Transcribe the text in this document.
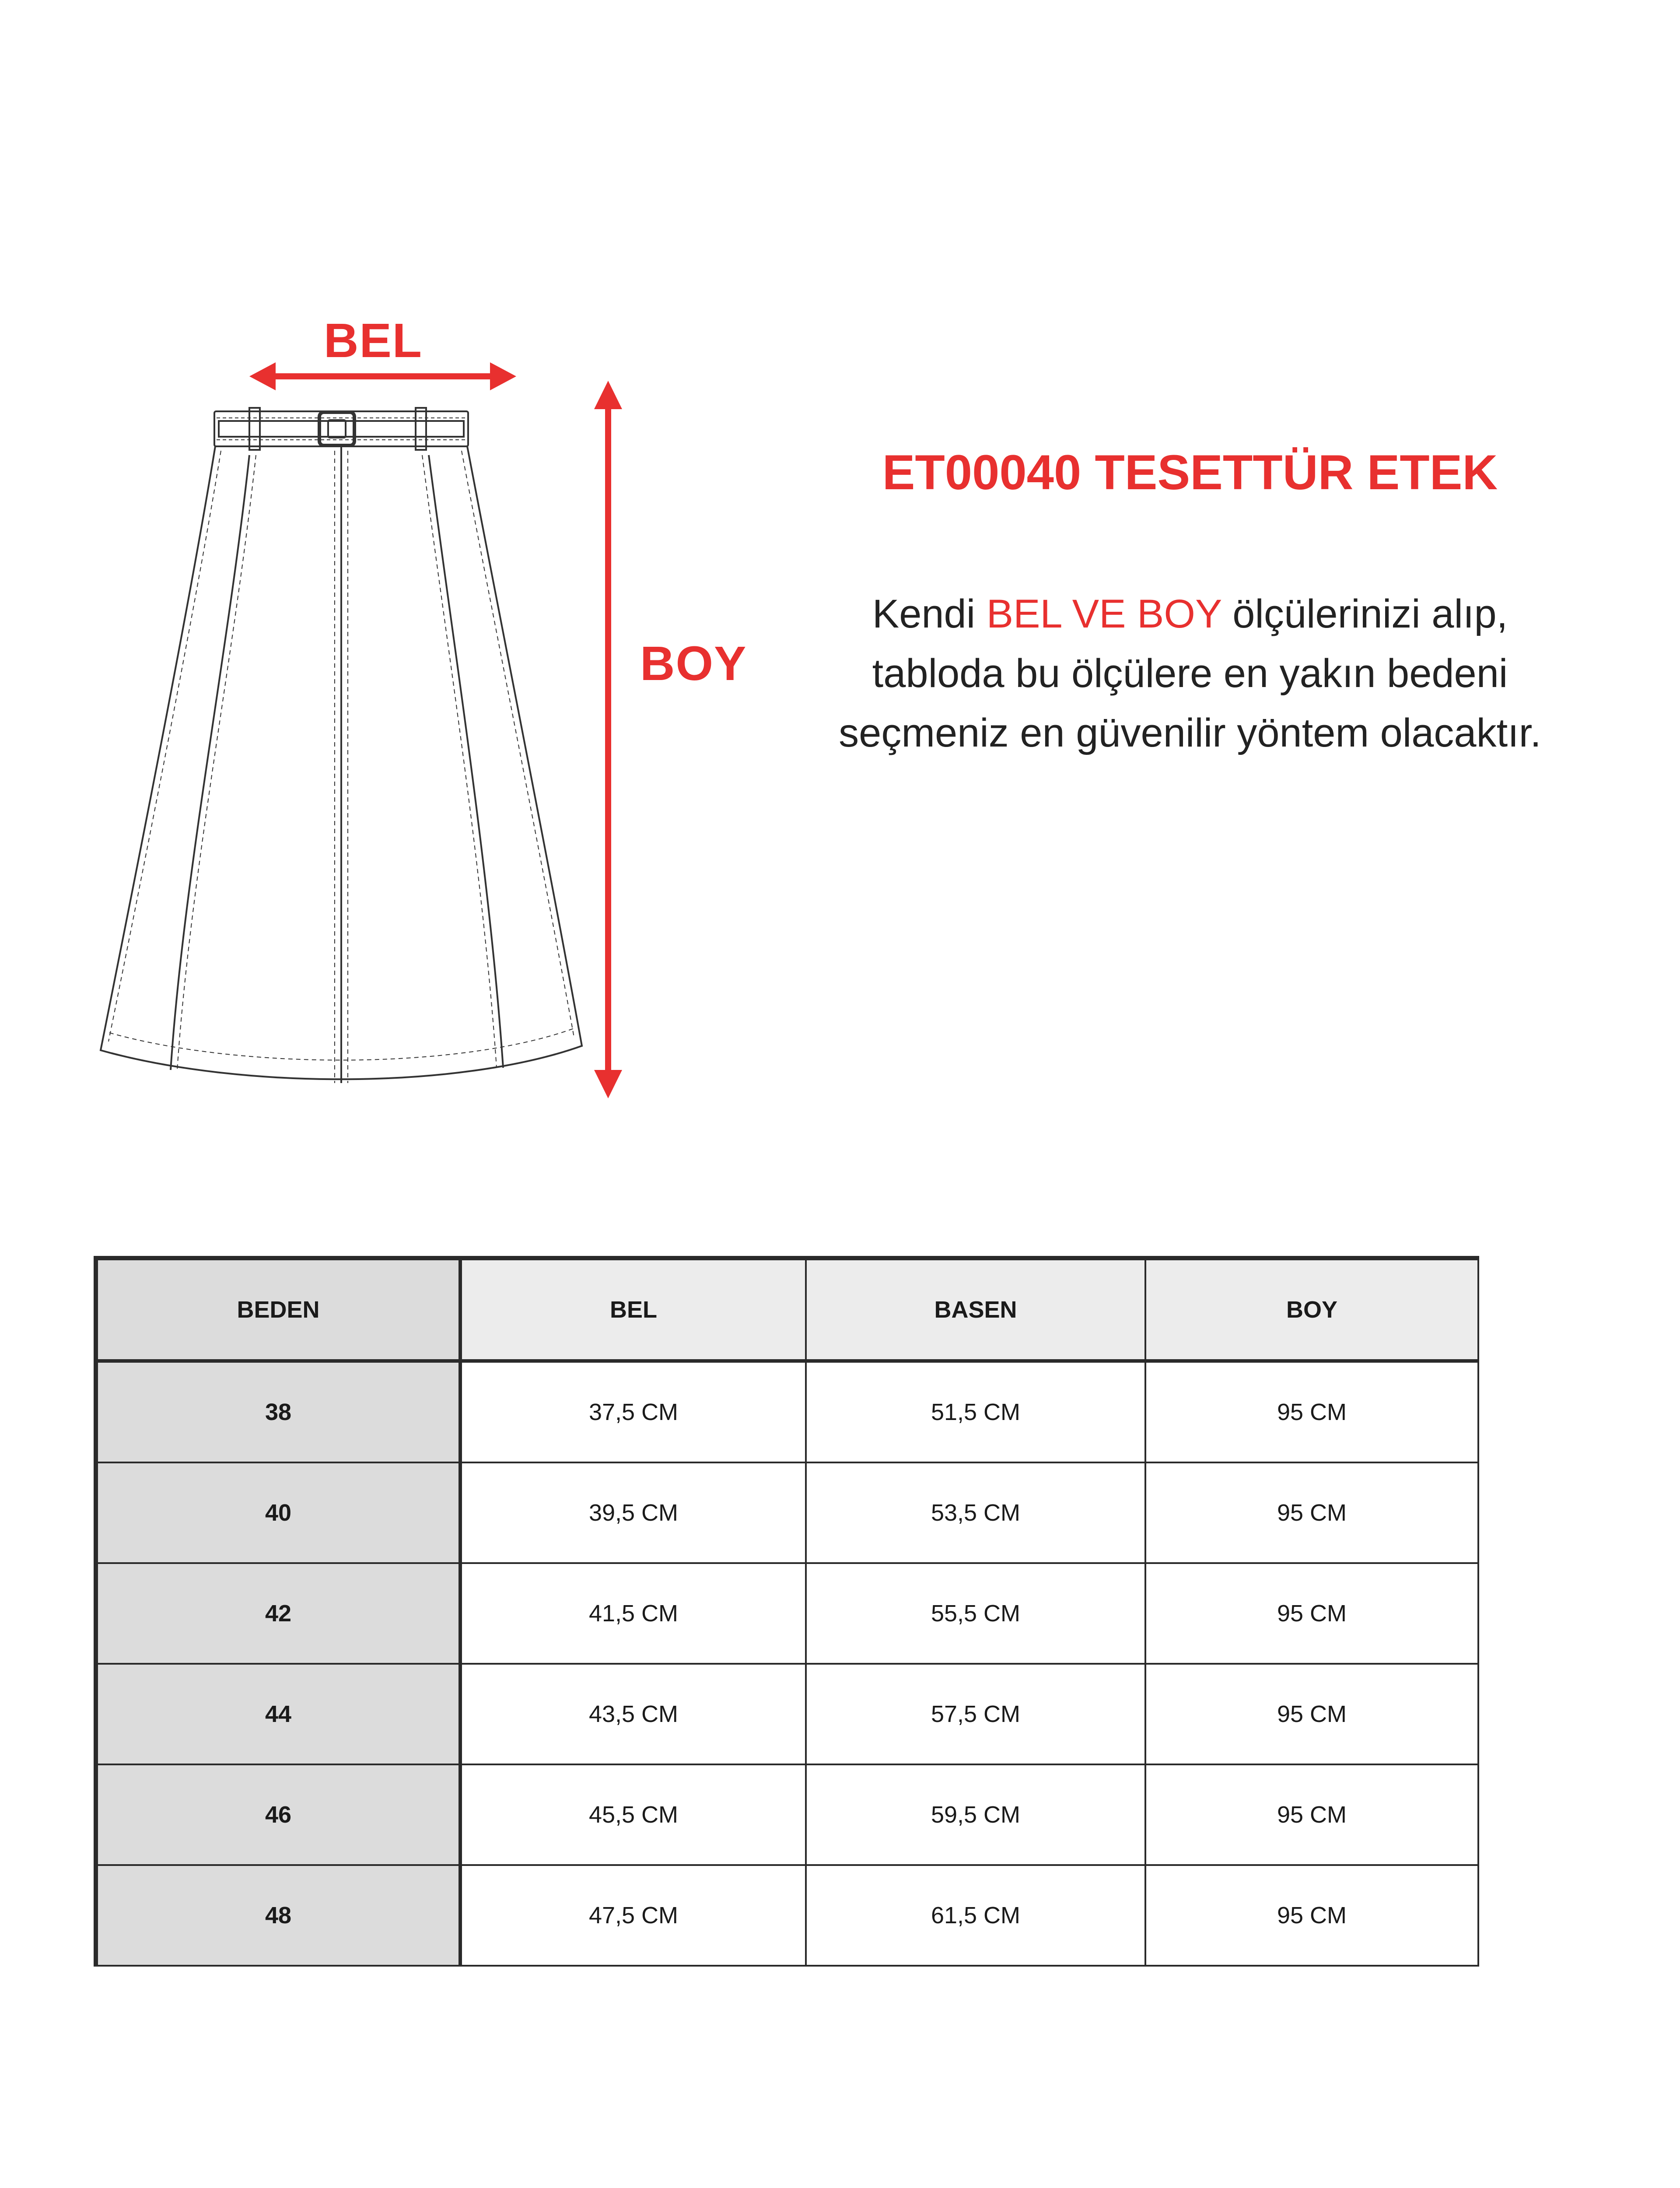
BEL
BOY
ET00040 TESETTÜR ETEK
Kendi BEL VE BOY ölçülerinizi alıp, tabloda bu ölçülere en yakın bedeni seçmeniz en güvenilir yöntem olacaktır.
BEDEN	BEL	BASEN	BOY
38	37,5 CM	51,5 CM	95 CM
40	39,5 CM	53,5 CM	95 CM
42	41,5 CM	55,5 CM	95 CM
44	43,5 CM	57,5 CM	95 CM
46	45,5 CM	59,5 CM	95 CM
48	47,5 CM	61,5 CM	95 CM
